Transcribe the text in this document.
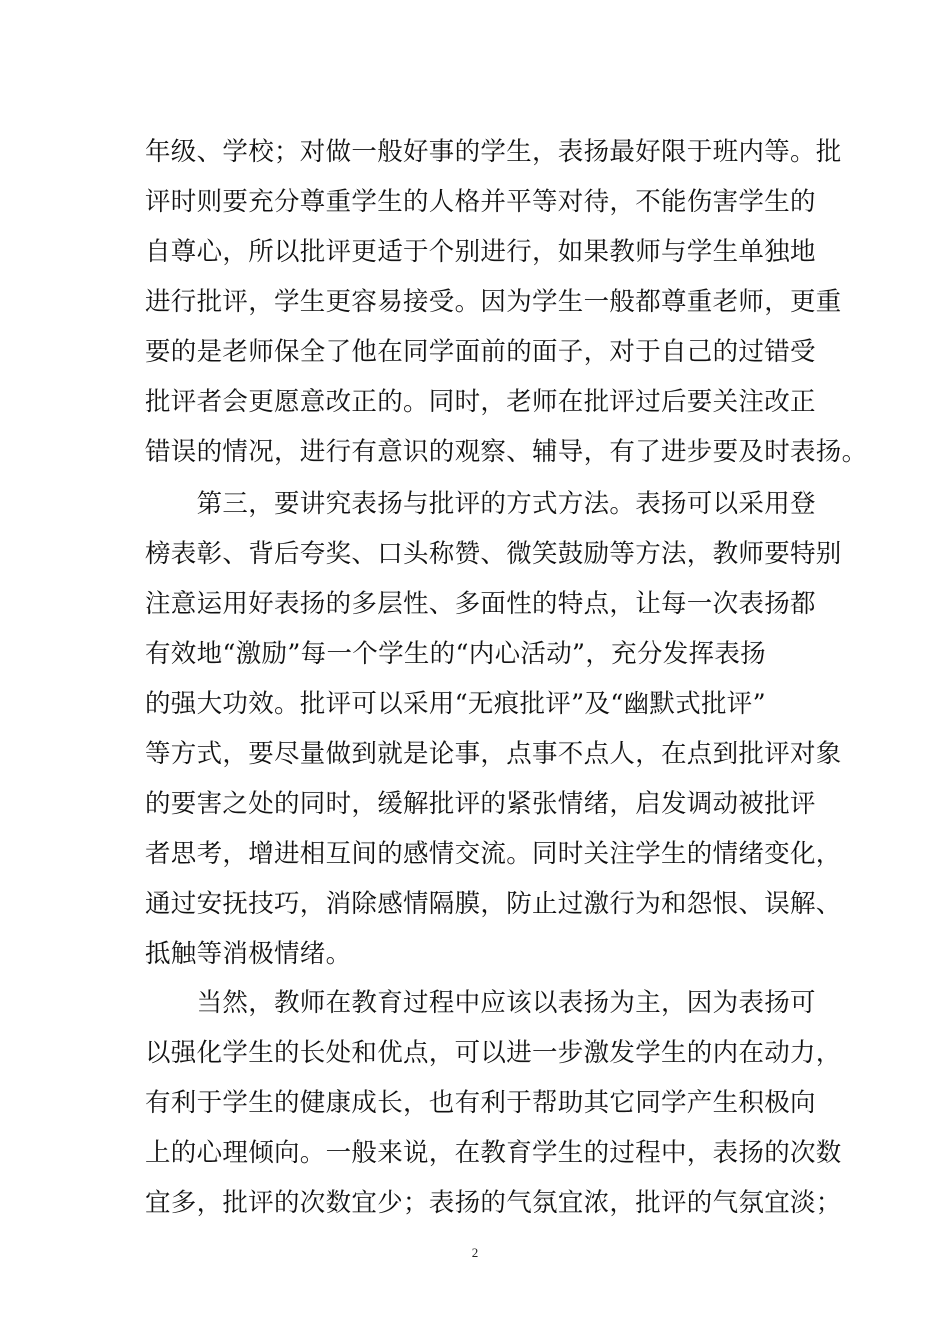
年级、学校；对做一般好事的学生，表扬最好限于班内等。批
评时则要充分尊重学生的人格并平等对待，不能伤害学生的
自尊心，所以批评更适于个别进行，如果教师与学生单独地
进行批评，学生更容易接受。因为学生一般都尊重老师，更重
要的是老师保全了他在同学面前的面子，对于自己的过错受
批评者会更愿意改正的。同时，老师在批评过后要关注改正
错误的情况，进行有意识的观察、辅导，有了进步要及时表扬。
　　第三，要讲究表扬与批评的方式方法。表扬可以采用登
榜表彰、背后夸奖、口头称赞、微笑鼓励等方法，教师要特别
注意运用好表扬的多层性、多面性的特点，让每一次表扬都
有效地“激励”每一个学生的“内心活动”，充分发挥表扬
的强大功效。批评可以采用“无痕批评”及“幽默式批评”
等方式，要尽量做到就是论事，点事不点人，在点到批评对象
的要害之处的同时，缓解批评的紧张情绪，启发调动被批评
者思考，增进相互间的感情交流。同时关注学生的情绪变化，
通过安抚技巧，消除感情隔膜，防止过激行为和怨恨、误解、
抵触等消极情绪。
　　当然，教师在教育过程中应该以表扬为主，因为表扬可
以强化学生的长处和优点，可以进一步激发学生的内在动力，
有利于学生的健康成长，也有利于帮助其它同学产生积极向
上的心理倾向。一般来说，在教育学生的过程中，表扬的次数
宜多，批评的次数宜少；表扬的气氛宜浓，批评的气氛宜淡；
2
